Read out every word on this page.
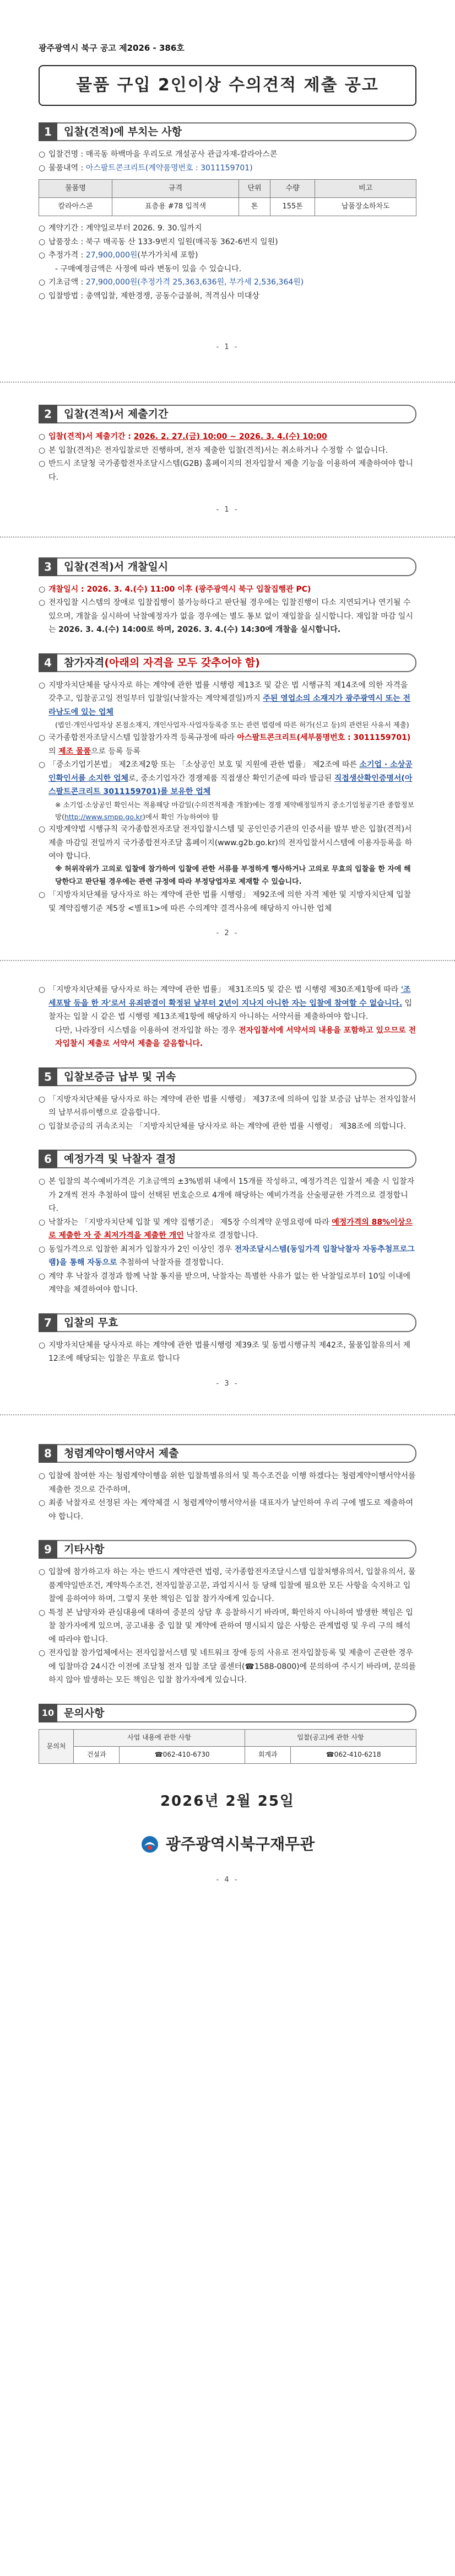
광주광역시 북구 공고 제2026 - 386호
물품 구입 2인이상 수의견적 제출 공고
1	입찰(견적)에 부치는 사항
○ 입찰건명 : 매곡동 하백마을 우리도로 개설공사 관급자재-칼라아스콘
○ 물품내역 : 아스팔트콘크리트(계약품명번호 : 3011159701)
물품명	규격	단위	수량	비고
칼라아스콘	표층용 #78 입적색	톤	155톤	납품장소하차도
○ 계약기간 : 계약일로부터 2026. 9. 30.일까지
○ 납품장소 : 북구 매곡동 산 133-9번지 일원(매곡동 362-6번지 일원)
○ 추정가격 : 27,900,000원(부가가치세 포함)
- 구매예정금액은 사정에 따라 변동이 있을 수 있습니다.
○ 기초금액 : 27,900,000원(추정가격 25,363,636원, 부가세 2,536,364원)
○ 입찰방법 : 총액입찰, 제한경쟁, 공동수급불허, 적격심사 미대상
- 1 -
2	입찰(견적)서 제출기간
○ 입찰(견적)서 제출기간 : 2026. 2. 27.(금) 10:00 ~ 2026. 3. 4.(수) 10:00
○ 본 입찰(견적)은 전자입찰로만 진행하며, 전자 제출한 입찰(견적)서는 취소하거나 수정할 수 없습니다.
○ 반드시 조달청 국가종합전자조달시스템(G2B) 홈페이지의 전자입찰서 제출 기능을 이용하여 제출하여야 합니다.
- 1 -
3	입찰(견적)서 개찰일시
○ 개찰일시 : 2026. 3. 4.(수) 11:00 이후 (광주광역시 북구 입찰집행관 PC)
○ 전자입찰 시스템의 장애로 입찰집행이 불가능하다고 판단될 경우에는 입찰진행이 다소 지연되거나 연기될 수 있으며, 개찰을 실시하여 낙찰예정자가 없을 경우에는 별도 통보 없이 재입찰을 실시합니다. 재입찰 마감 일시는 2026. 3. 4.(수) 14:00로 하며, 2026. 3. 4.(수) 14:30에 개찰을 실시합니다.
4	참가자격(아래의 자격을 모두 갖추어야 함)
○ 지방자치단체를 당사자로 하는 계약에 관한 법률 시행령 제13조 및 같은 법 시행규칙 제14조에 의한 자격을 갖추고, 입찰공고일 전일부터 입찰일(낙찰자는 계약체결일)까지 주된 영업소의 소재지가 광주광역시 또는 전라남도에 있는 업체
(법인·개인사업자상 본점소재지, 개인사업자·사업자등록증 또는 관련 법령에 따른 허가(신고 등)의 관련된 사유서 제출)
○ 국가종합전자조달시스템 입찰참가자격 등록규정에 따라 아스팔트콘크리트(세부품명번호 : 3011159701)의 제조 물품으로 등록 등록
○ 「중소기업기본법」 제2조제2항 또는 「소상공인 보호 및 지원에 관한 법률」 제2조에 따른 소기업 · 소상공인확인서를 소지한 업체로, 중소기업자간 경쟁제품 직접생산 확인기준에 따라 발급된 직접생산확인증명서(아스팔트콘크리트 3011159701)를 보유한 업체
※ 소기업·소상공인 확인서는 적용해당 마감일(수의견적제출 개찰)에는 경쟁 제약배정일까지 중소기업청공기관 종합정보망(http://www.smpp.go.kr)에서 확인 가능하여야 함
○ 지방계약법 시행규칙 국가종합전자조달 전자입찰시스템 및 공인인증기관의 인증서를 발부 받은 입찰(견적)서 제출 마감일 전일까지 국가종합전자조달 홈페이지(www.g2b.go.kr)의 전자입찰서시스템에 이용자등록을 하여야 합니다.
※ 허위작위가 고의로 입찰에 참가하여 입찰에 관한 서류를 부정하게 행사하거나 고의로 무효의 입찰을 한 자에 해당한다고 판단될 경우에는 관련 규정에 따라 부정당업자로 제재할 수 있습니다.
○ 「지방자치단체를 당사자로 하는 계약에 관한 법률 시행령」 제92조에 의한 자격 제한 및 지방자치단체 입찰 및 계약집행기준 제5장 <별표1>에 따른 수의계약 결격사유에 해당하지 아니한 업체
- 2 -
○ 「지방자치단체를 당사자로 하는 계약에 관한 법률」 제31조의5 및 같은 법 시행령 제30조제1항에 따라 '조세포탈 등을 한 자'로서 유죄판결이 확정된 날부터 2년이 지나지 아니한 자는 입찰에 참여할 수 없습니다. 입찰자는 입찰 시 같은 법 시행령 제13조제1항에 해당하지 아니하는 서약서를 제출하여야 합니다.
다만, 나라장터 시스템을 이용하여 전자입찰 하는 경우 전자입찰서에 서약서의 내용을 포함하고 있으므로 전자입찰시 제출로 서약서 제출을 갈음합니다.
5	입찰보증금 납부 및 귀속
○ 「지방자치단체를 당사자로 하는 계약에 관한 법률 시행령」 제37조에 의하여 입찰 보증금 납부는 전자입찰서의 납부서류이행으로 갈음합니다.
○ 입찰보증금의 귀속조치는 「지방자치단체를 당사자로 하는 계약에 관한 법률 시행령」 제38조에 의합니다.
6	예정가격 및 낙찰자 결정
○ 본 입찰의 복수예비가격은 기초금액의 ±3%범위 내에서 15개를 작성하고, 예정가격은 입찰서 제출 시 입찰자가 2개씩 전자 추첨하여 많이 선택된 번호순으로 4개에 해당하는 예비가격을 산술평균한 가격으로 결정합니다.
○ 낙찰자는 「지방자치단체 입찰 및 계약 집행기준」 제5장 수의계약 운영요령에 따라 예정가격의 88%이상으로 제출한 자 중 최저가격을 제출한 개인 낙찰자로 결정합니다.
○ 동일가격으로 입찰한 최저가 입찰자가 2인 이상인 경우 전자조달시스템(동일가격 입찰낙찰자 자동추첨프로그램)을 통해 자동으로 추첨하여 낙찰자를 결정합니다.
○ 계약 후 낙찰자 결정과 함께 낙찰 통지를 받으며, 낙찰자는 특별한 사유가 없는 한 낙찰일로부터 10일 이내에 계약을 체결하여야 합니다.
7	입찰의 무효
○ 지방자치단체를 당사자로 하는 계약에 관한 법률시행령 제39조 및 동법시행규칙 제42조, 물품입찰유의서 제12조에 해당되는 입찰은 무효로 합니다
- 3 -
8	청렴계약이행서약서 제출
○ 입찰에 참여한 자는 청렴계약이행을 위한 입찰특별유의서 및 특수조건을 이행 하겠다는 청렴계약이행서약서를 제출한 것으로 간주하며,
○ 최종 낙찰자로 선정된 자는 계약체결 시 청렴계약이행서약서를 대표자가 날인하여 우리 구에 별도로 제출하여야 합니다.
9	기타사항
○ 입찰에 참가하고자 하는 자는 반드시 계약관련 법령, 국가종합전자조달시스템 입찰처행유의서, 입찰유의서, 물품계약일반조건, 계약특수조건, 전자입찰공고문, 과업지시서 등 당해 입찰에 필요한 모든 사항을 숙지하고 입찰에 응하여야 하며, 그렇지 못한 책임은 입찰 참가자에게 있습니다.
○ 특정 본 납양자와 관심대용에 대하여 중분의 상담 후 응찰하시기 바라며, 확인하지 아니하여 발생한 책임은 입찰 참가자에게 있으며, 공고내용 중 입찰 및 계약에 관하여 명시되지 않은 사항은 관계법령 및 우리 구의 해석에 따라야 합니다.
○ 전자입찰 참가업체에서는 전자입찰서스템 및 네트워크 장애 등의 사유로 전자입찰등록 및 제출이 곤란한 경우에 입찰마감 24시간 이전에 조달청 전자 입찰 조달 콜센터(☎1588-0800)에 문의하여 주시기 바라며, 문의를 하지 않아 발생하는 모든 책임은 입찰 참가자에게 있습니다.
10 문의사항
문의처	사업 내용에 관한 사항		입찰(공고)에 관한 사항	
	건설과	☎062-410-6730	회계과	☎062-410-6218
2026년 2월 25일
광주광역시북구재무관
- 4 -
